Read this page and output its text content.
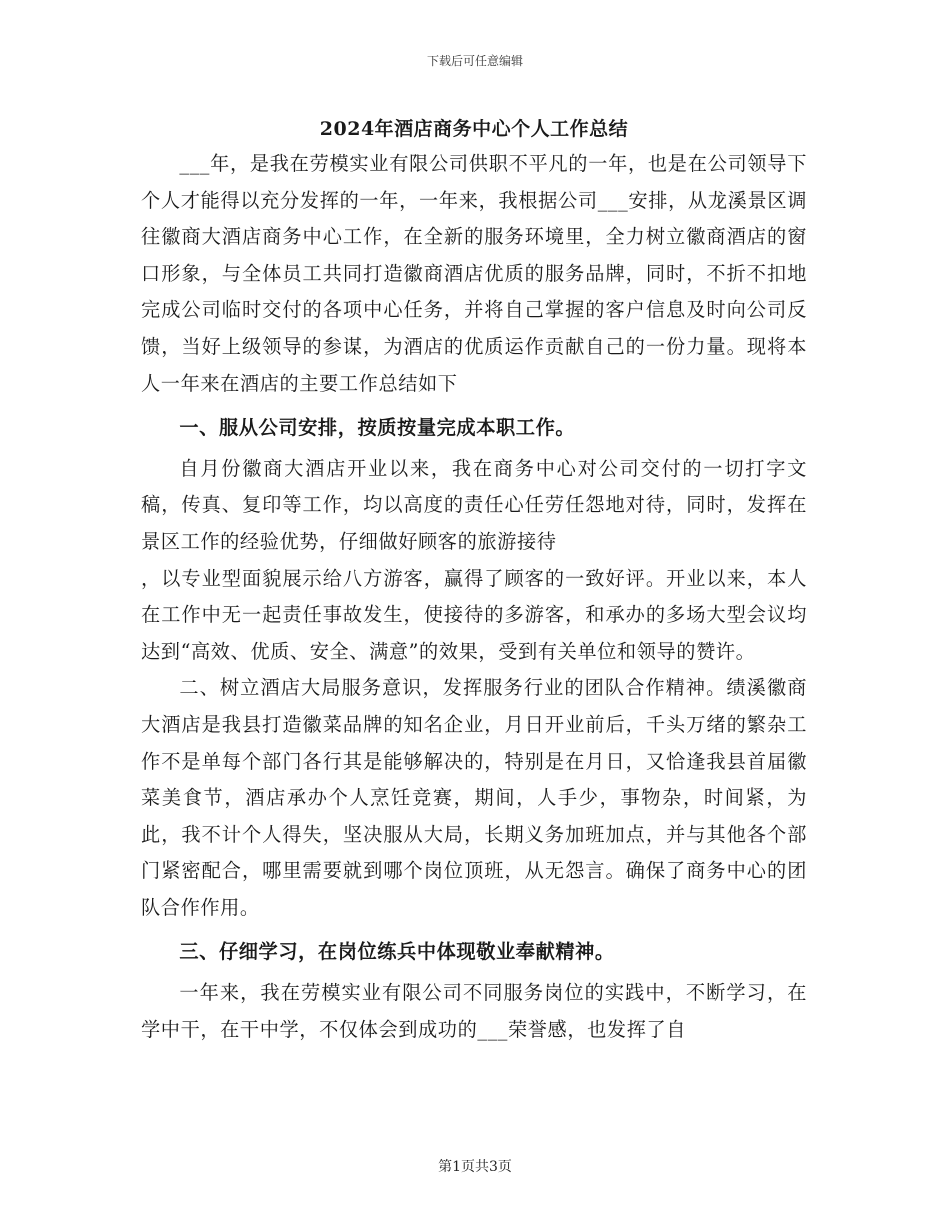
下载后可任意编辑
2024年酒店商务中心个人工作总结

___年，是我在劳模实业有限公司供职不平凡的一年，也是在公司领导下个人才能得以充分发挥的一年，一年来，我根据公司___安排，从龙溪景区调往徽商大酒店商务中心工作，在全新的服务环境里，全力树立徽商酒店的窗口形象，与全体员工共同打造徽商酒店优质的服务品牌，同时，不折不扣地完成公司临时交付的各项中心任务，并将自己掌握的客户信息及时向公司反馈，当好上级领导的参谋，为酒店的优质运作贡献自己的一份力量。现将本人一年来在酒店的主要工作总结如下

一、服从公司安排，按质按量完成本职工作。

自月份徽商大酒店开业以来，我在商务中心对公司交付的一切打字文稿，传真、复印等工作，均以高度的责任心任劳任怨地对待，同时，发挥在景区工作的经验优势，仔细做好顾客的旅游接待

，以专业型面貌展示给八方游客，赢得了顾客的一致好评。开业以来，本人在工作中无一起责任事故发生，使接待的多游客，和承办的多场大型会议均达到“高效、优质、安全、满意”的效果，受到有关单位和领导的赞许。

二、树立酒店大局服务意识，发挥服务行业的团队合作精神。绩溪徽商大酒店是我县打造徽菜品牌的知名企业，月日开业前后，千头万绪的繁杂工作不是单每个部门各行其是能够解决的，特别是在月日，又恰逢我县首届徽菜美食节，酒店承办个人烹饪竞赛，期间，人手少，事物杂，时间紧，为此，我不计个人得失，坚决服从大局，长期义务加班加点，并与其他各个部门紧密配合，哪里需要就到哪个岗位顶班，从无怨言。确保了商务中心的团队合作作用。

三、仔细学习，在岗位练兵中体现敬业奉献精神。

一年来，我在劳模实业有限公司不同服务岗位的实践中，不断学习，在学中干，在干中学，不仅体会到成功的___荣誉感，也发挥了自

第1页共3页
